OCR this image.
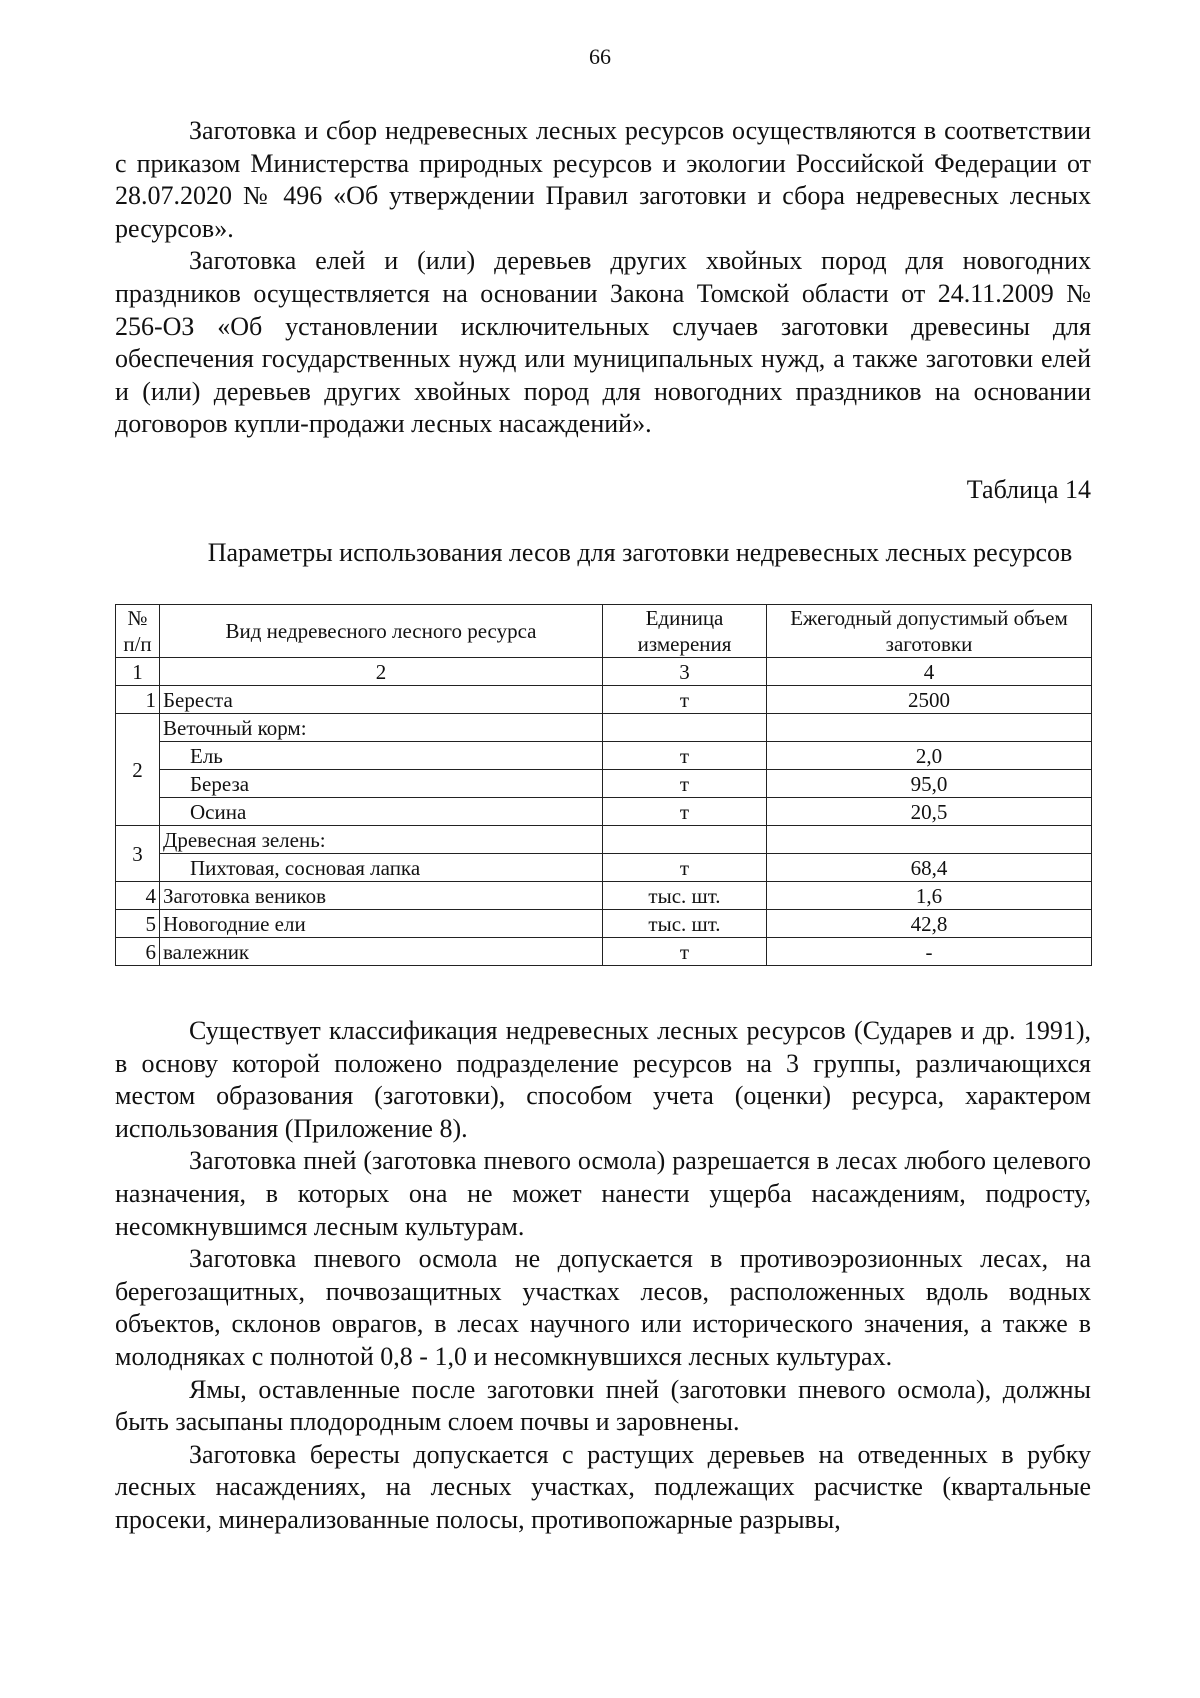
66

Заготовка и сбор недревесных лесных ресурсов осуществляются в соответствии с приказом Министерства природных ресурсов и экологии Российской Федерации от 28.07.2020 № 496 «Об утверждении Правил заготовки и сбора недревесных лесных ресурсов».

Заготовка елей и (или) деревьев других хвойных пород для новогодних праздников осуществляется на основании Закона Томской области от 24.11.2009 № 256-ОЗ «Об установлении исключительных случаев заготовки древесины для обеспечения государственных нужд или муниципальных нужд, а также заготовки елей и (или) деревьев других хвойных пород для новогодних праздников на основании договоров купли-продажи лесных насаждений».

Таблица 14
Параметры использования лесов для заготовки недревесных лесных ресурсов
№ п/п	Вид недревесного лесного ресурса	Единица измерения	Ежегодный допустимый объем заготовки
1	2	3	4
1	Береста	т	2500
2	Веточный корм:		
	Ель	т	2,0
	Береза	т	95,0
	Осина	т	20,5
3	Древесная зелень:		
	Пихтовая, сосновая лапка	т	68,4
4	Заготовка веников	тыс. шт.	1,6
5	Новогодние ели	тыс. шт.	42,8
6	валежник	т	-

Существует классификация недревесных лесных ресурсов (Сударев и др. 1991), в основу которой положено подразделение ресурсов на 3 группы, различающихся местом образования (заготовки), способом учета (оценки) ресурса, характером использования (Приложение 8).

Заготовка пней (заготовка пневого осмола) разрешается в лесах любого целевого назначения, в которых она не может нанести ущерба насаждениям, подросту, несомкнувшимся лесным культурам.

Заготовка пневого осмола не допускается в противоэрозионных лесах, на берегозащитных, почвозащитных участках лесов, расположенных вдоль водных объектов, склонов оврагов, в лесах научного или исторического значения, а также в молодняках с полнотой 0,8 - 1,0 и несомкнувшихся лесных культурах.

Ямы, оставленные после заготовки пней (заготовки пневого осмола), должны быть засыпаны плодородным слоем почвы и заровнены.

Заготовка бересты допускается с растущих деревьев на отведенных в рубку лесных насаждениях, на лесных участках, подлежащих расчистке (квартальные просеки, минерализованные полосы, противопожарные разрывы,
